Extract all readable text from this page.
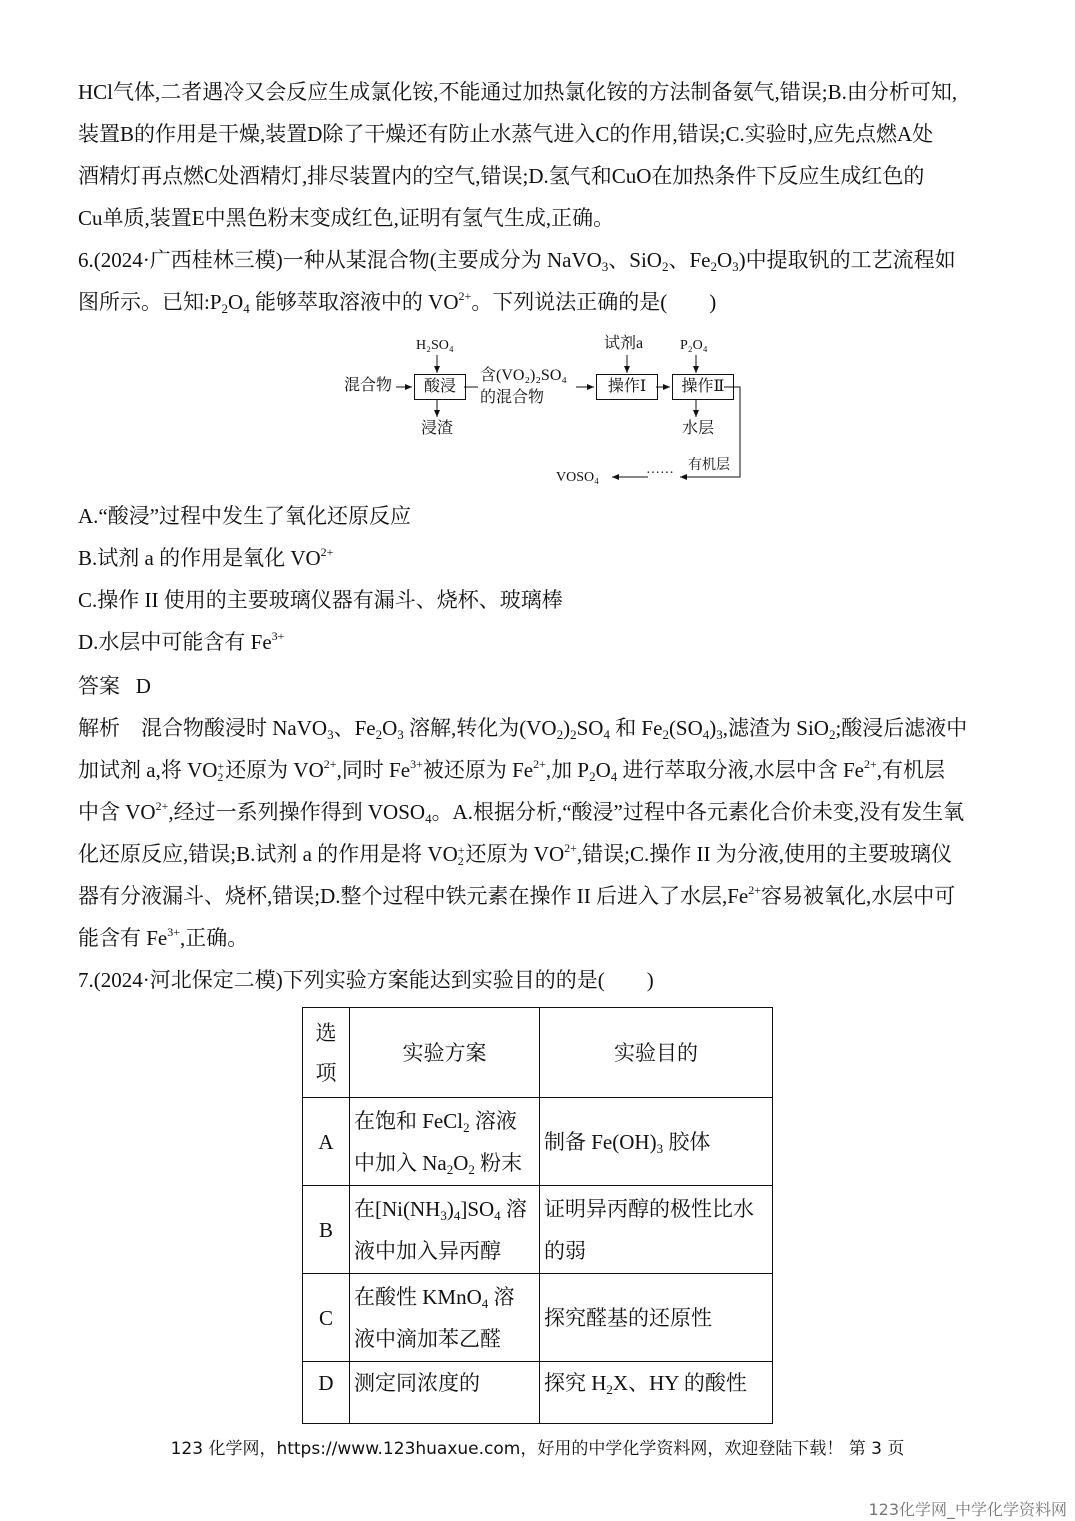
HCl气体,二者遇冷又会反应生成氯化铵,不能通过加热氯化铵的方法制备氨气,错误;B.由分析可知,
装置B的作用是干燥,装置D除了干燥还有防止水蒸气进入C的作用,错误;C.实验时,应先点燃A处
酒精灯再点燃C处酒精灯,排尽装置内的空气,错误;D.氢气和CuO在加热条件下反应生成红色的
Cu单质,装置E中黑色粉末变成红色,证明有氢气生成,正确。
6.(2024·广西桂林三模)一种从某混合物(主要成分为 NaVO$_3$、SiO$_2$、$Fe_2O_3$)中提取钒的工艺流程如
图所示。已知$:P_2O_4$ 能够萃取溶液中的 $VO^{2+}$。下列说法正确的是(　　)
H₂SO₄
混合物	酸浸
浸渣
含(VO₂)₂SO₄
的混合物
试剂a
操作Ⅰ
P₂O₄
操作Ⅱ
水层
有机层
······
VOSO₄
A.“酸浸”过程中发生了氧化还原反应
B.试剂 a 的作用是氧化 $VO^{2+}$
C.操作 II 使用的主要玻璃仪器有漏斗、烧杯、玻璃棒
D.水层中可能含有 $Fe^{3+}$
答案 D
解析　混合物酸浸时 NaVO$_3$、$Fe_2O_3$ 溶解,转化为$(VO_2)_2SO_4$ 和 $Fe_2(SO_4)_3$,滤渣为 SiO$_2$;酸浸后滤液中
加试剂 a,将 VO +
2 还原为 $VO^{2+}$,同时 $Fe^{3+}$被还原为 $Fe^{2+}$,加 $P_2O_4$ 进行萃取分液,水层中含 $Fe^{2+}$,有机层
中含 $VO^{2+}$,经过一系列操作得到 $VOSO_4$。A.根据分析,“酸浸”过程中各元素化合价未变,没有发生氧
化还原反应,错误;B.试剂 a 的作用是将 VO +
2 还原为 $VO^{2+}$,错误;C.操作 II 为分液,使用的主要玻璃仪
器有分液漏斗、烧杯,错误;D.整个过程中铁元素在操作 II 后进入了水层$,Fe^{2+}$容易被氧化,水层中可
能含有 $Fe^{3+}$,正确。
7.(2024·河北保定二模)下列实验方案能达到实验目的的是(　　)
选
项	实验方案	实验目的
A	在饱和 FeCl$_2$ 溶液
中加入 $Na_2O_2$ 粉末	制备 $Fe(OH)_3$ 胶体
B	在$[Ni(NH_3)_4]SO_4$ 溶
液中加入异丙醇	证明异丙醇的极性比水
的弱
C	在酸性 KMnO$_4$ 溶
液中滴加苯乙醛	探究醛基的还原性
D	测定同浓度的	探究 $H_2X$、HY 的酸性
123 化学网，https://www.123huaxue.com，好用的中学化学资料网，欢迎登陆下载！ 第 3 页
123化学网_中学化学资料网
